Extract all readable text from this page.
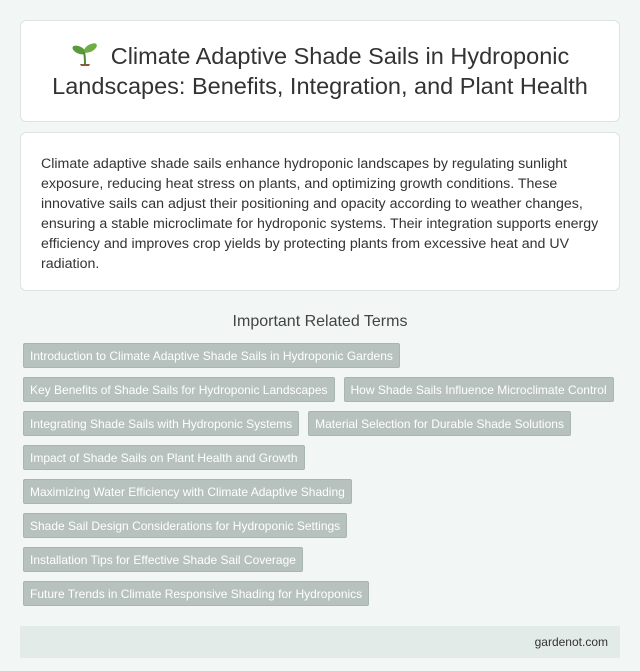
Climate Adaptive Shade Sails in Hydroponic Landscapes: Benefits, Integration, and Plant Health

Climate adaptive shade sails enhance hydroponic landscapes by regulating sunlight exposure, reducing heat stress on plants, and optimizing growth conditions. These innovative sails can adjust their positioning and opacity according to weather changes, ensuring a stable microclimate for hydroponic systems. Their integration supports energy efficiency and improves crop yields by protecting plants from excessive heat and UV radiation.

Important Related Terms
Introduction to Climate Adaptive Shade Sails in Hydroponic Gardens
Key Benefits of Shade Sails for Hydroponic Landscapes	How Shade Sails Influence Microclimate Control
Integrating Shade Sails with Hydroponic Systems	Material Selection for Durable Shade Solutions
Impact of Shade Sails on Plant Health and Growth
Maximizing Water Efficiency with Climate Adaptive Shading
Shade Sail Design Considerations for Hydroponic Settings
Installation Tips for Effective Shade Sail Coverage
Future Trends in Climate Responsive Shading for Hydroponics
gardenot.com
